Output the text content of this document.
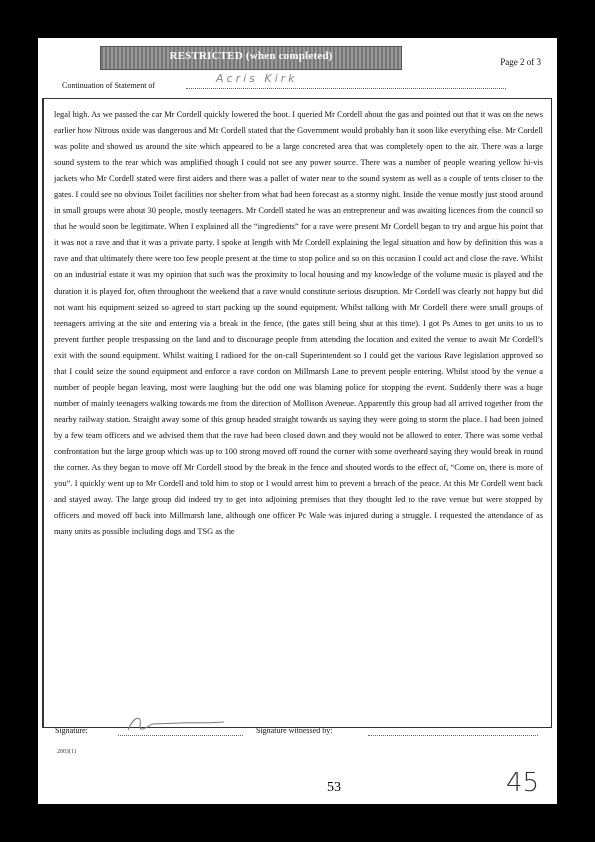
RESTRICTED (when completed)	Page 2 of 3
Continuation of Statement of
Acris Kirk

legal high. As we passed the car Mr Cordell quickly lowered the boot. I queried Mr Cordell about the gas and pointed out that it was on the news earlier how Nitrous oxide was dangerous and Mr Cordell stated that the Government would probably ban it soon like everything else. Mr Cordell was polite and showed us around the site which appeared to be a large concreted area that was completely open to the air. There was a large sound system to the rear which was amplified though I could not see any power source. There was a number of people wearing yellow hi-vis jackets who Mr Cordell stated were first aiders and there was a pallet of water near to the sound system as well as a couple of tents closer to the gates. I could see no obvious Toilet facilities nor shelter from what had been forecast as a stormy night. Inside the venue mostly just stood around in small groups were about 30 people, mostly teenagers. Mr Cordell stated he was an entrepreneur and was awaiting licences from the council so that he would soon be legitimate. When I explained all the “ingredients” for a rave were present Mr Cordell began to try and argue his point that it was not a rave and that it was a private party. I spoke at length with Mr Cordell explaining the legal situation and how by definition this was a rave and that ultimately there were too few people present at the time to stop police and so on this occasion I could act and close the rave. Whilst on an industrial estate it was my opinion that such was the proximity to local housing and my knowledge of the volume music is played and the duration it is played for, often throughout the weekend that a rave would constitute serious disruption. Mr Cordell was clearly not happy but did not want his equipment seized so agreed to start packing up the sound equipment. Whilst talking with Mr Cordell there were small groups of teenagers arriving at the site and entering via a break in the fence, (the gates still being shut at this time). I got Ps Ames to get units to us to prevent further people trespassing on the land and to discourage people from attending the location and exited the venue to await Mr Cordell’s exit with the sound equipment. Whilst waiting I radioed for the on-call Superintendent so I could get the various Rave legislation approved so that I could seize the sound equipment and enforce a rave cordon on Millmarsh Lane to prevent people entering. Whilst stood by the venue a number of people began leaving, most were laughing but the odd one was blaming police for stopping the event. Suddenly there was a huge number of mainly teenagers walking towards me from the direction of Mollison Aveneue. Apparently this group had all arrived together from the nearby railway station. Straight away some of this group headed straight towards us saying they were going to storm the place. I had been joined by a few team officers and we advised them that the rave had been closed down and they would not be allowed to enter. There was some verbal confrontation but the large group which was up to 100 strong moved off round the corner with some overheard saying they would break in round the corner. As they began to move off Mr Cordell stood by the break in the fence and shouted words to the effect of, “Come on, there is more of you”. I quickly went up to Mr Cordell and told him to stop or I would arrest him to prevent a breach of the peace. At this Mr Cordell went back and stayed away. The large group did indeed try to get into adjoining premises that they thought led to the rave venue but were stopped by officers and moved off back into Millmarsh lane, although one officer Pc Wale was injured during a struggle. I requested the attendance of as many units as possible including dogs and TSG as the

Signature:	Signature witnessed by:
2003(1)
53	45
